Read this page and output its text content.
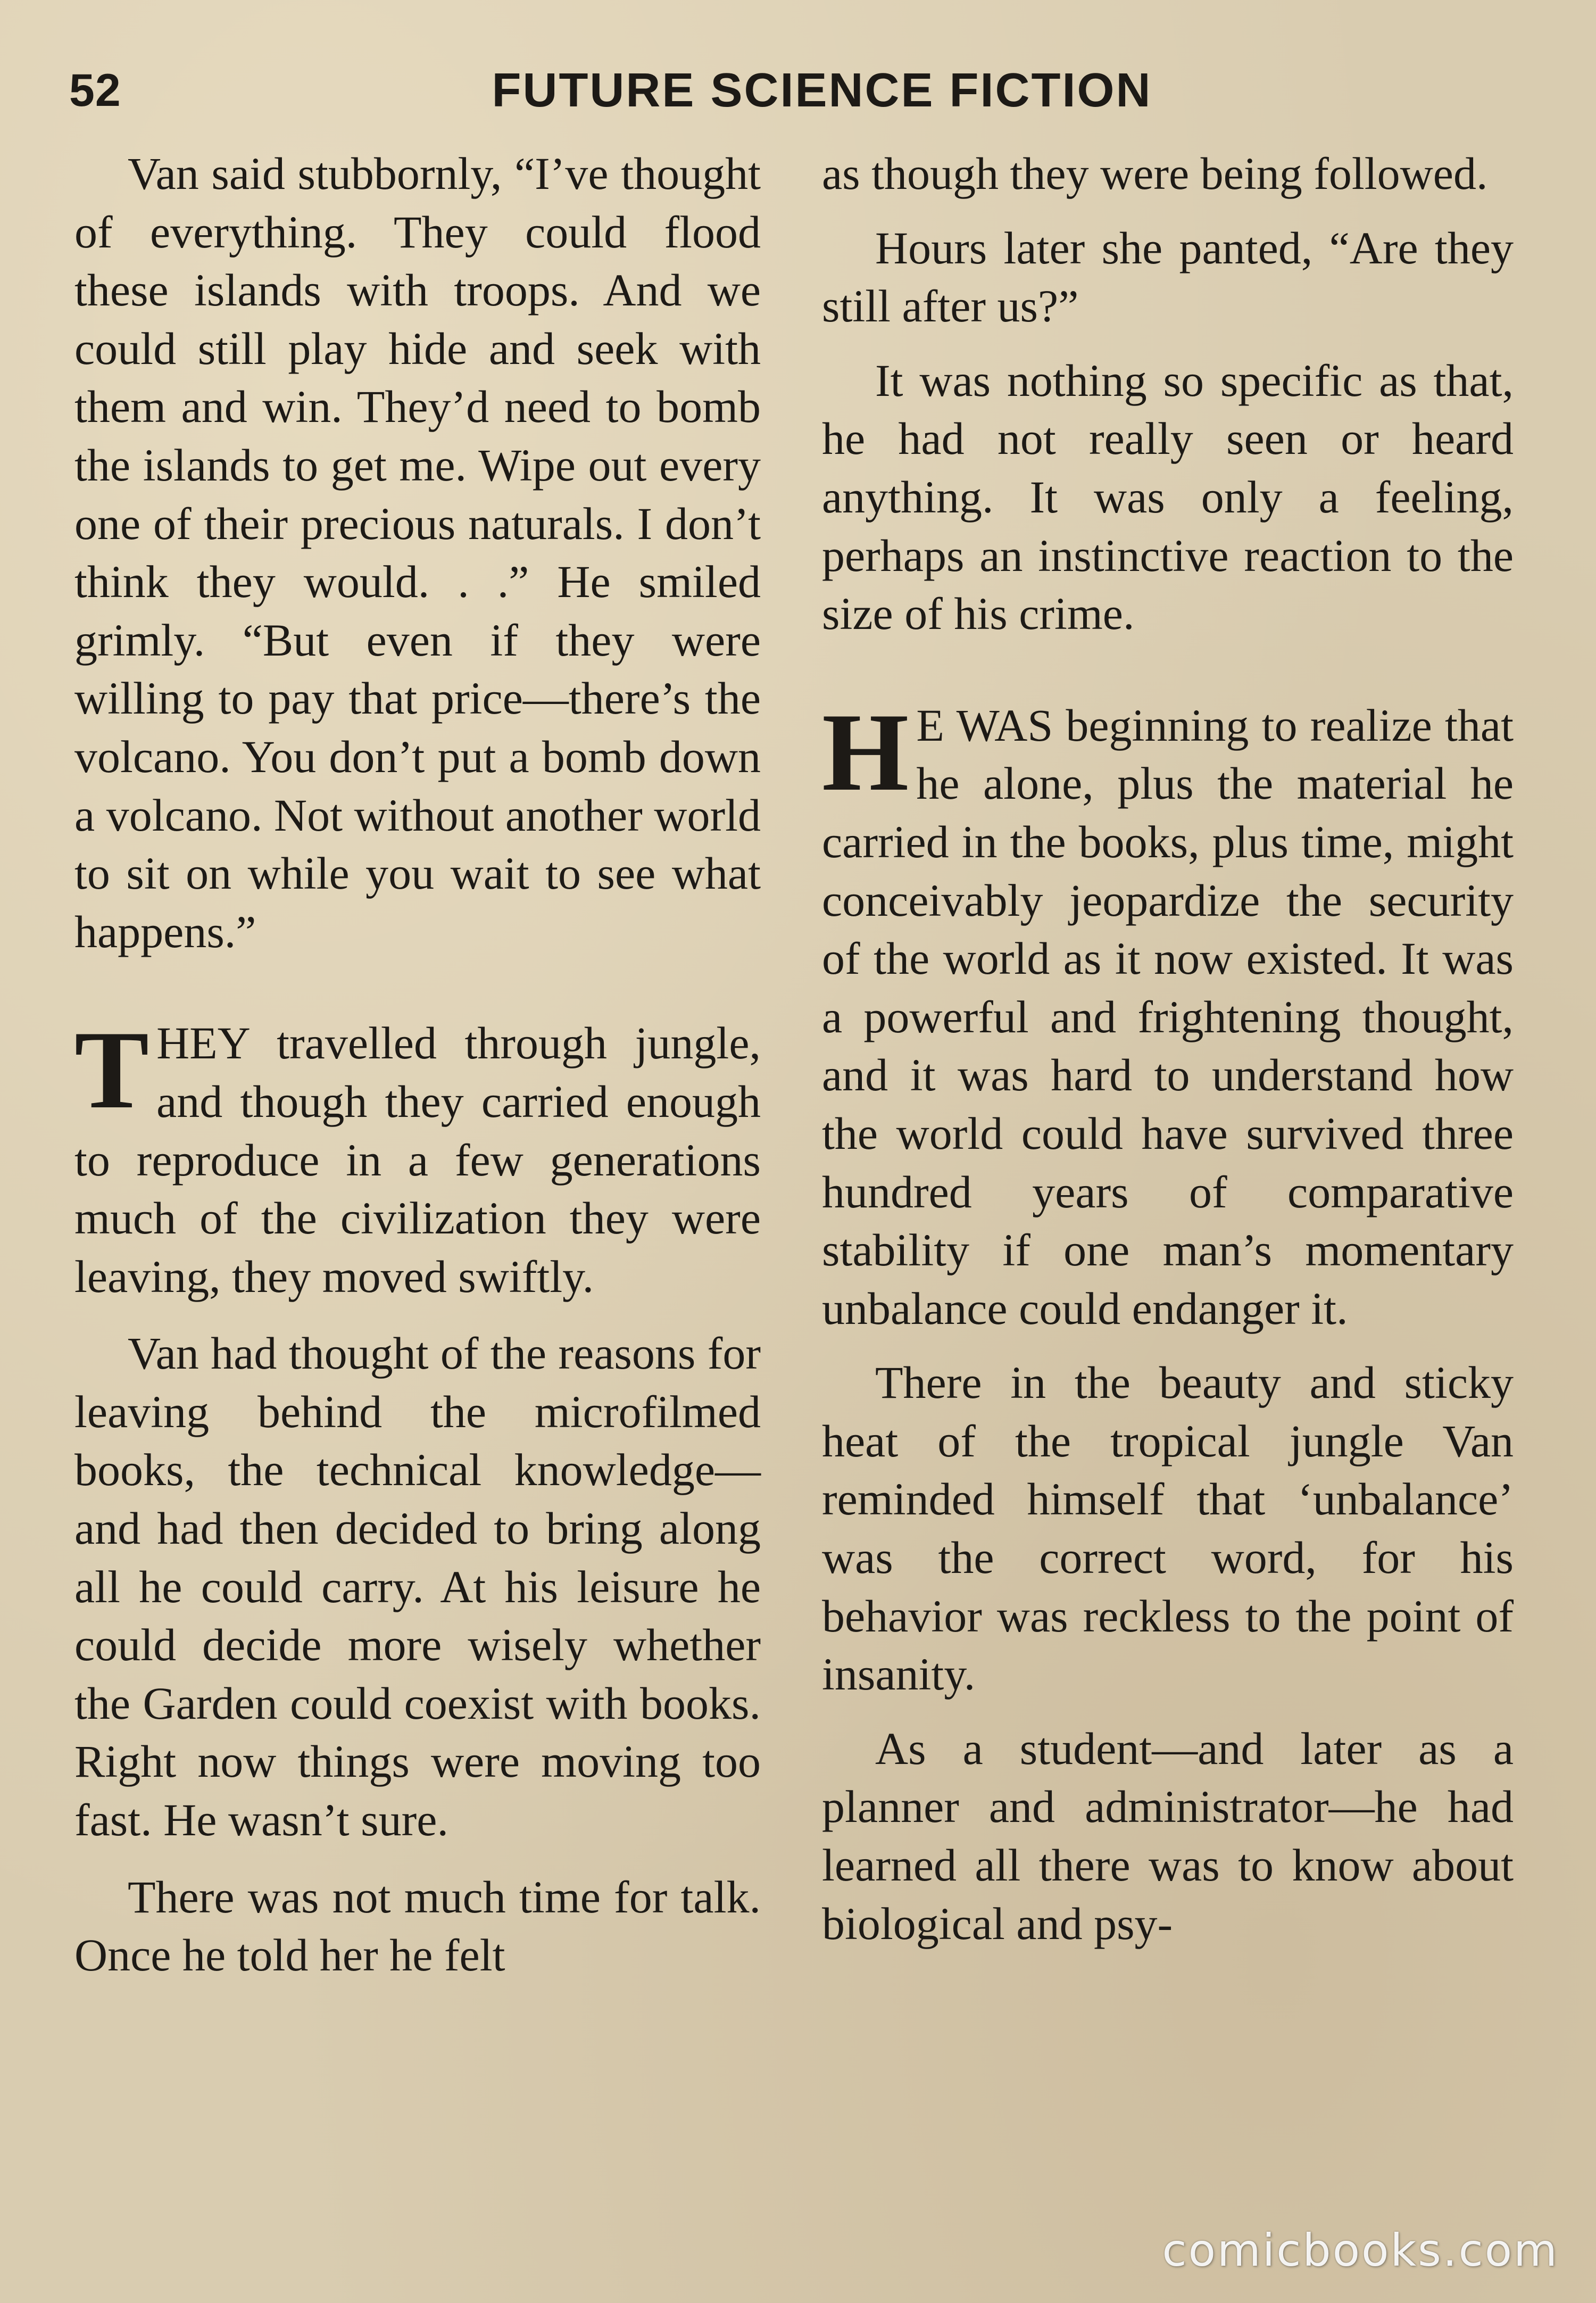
52	FUTURE SCIENCE FICTION

Van said stubbornly, “I’ve thought of everything. They could flood these islands with troops. And we could still play hide and seek with them and win. They’d need to bomb the islands to get me. Wipe out every one of their precious naturals. I don’t think they would. . .” He smiled grimly. “But even if they were willing to pay that price—there’s the volcano. You don’t put a bomb down a volcano. Not without another world to sit on while you wait to see what happens.”

THEY travelled through jungle, and though they carried enough to reproduce in a few generations much of the civilization they were leaving, they moved swiftly.

Van had thought of the reasons for leaving behind the microfilmed books, the technical knowledge—and had then decided to bring along all he could carry. At his leisure he could decide more wisely whether the Garden could coexist with books. Right now things were moving too fast. He wasn’t sure.

There was not much time for talk. Once he told her he felt

as though they were being followed.

Hours later she panted, “Are they still after us?”

It was nothing so specific as that, he had not really seen or heard anything. It was only a feeling, perhaps an instinctive reaction to the size of his crime.

H E WAS beginning to realize that he alone, plus the material he carried in the books, plus time, might conceivably jeopardize the security of the world as it now existed. It was a powerful and frightening thought, and it was hard to understand how the world could have survived three hundred years of comparative stability if one man’s momentary unbalance could endanger it.

There in the beauty and sticky heat of the tropical jungle Van reminded himself that ‘unbalance’ was the correct word, for his behavior was reckless to the point of insanity.

As a student—and later as a planner and administrator—he had learned all there was to know about biological and psy-

comicbooks.com
